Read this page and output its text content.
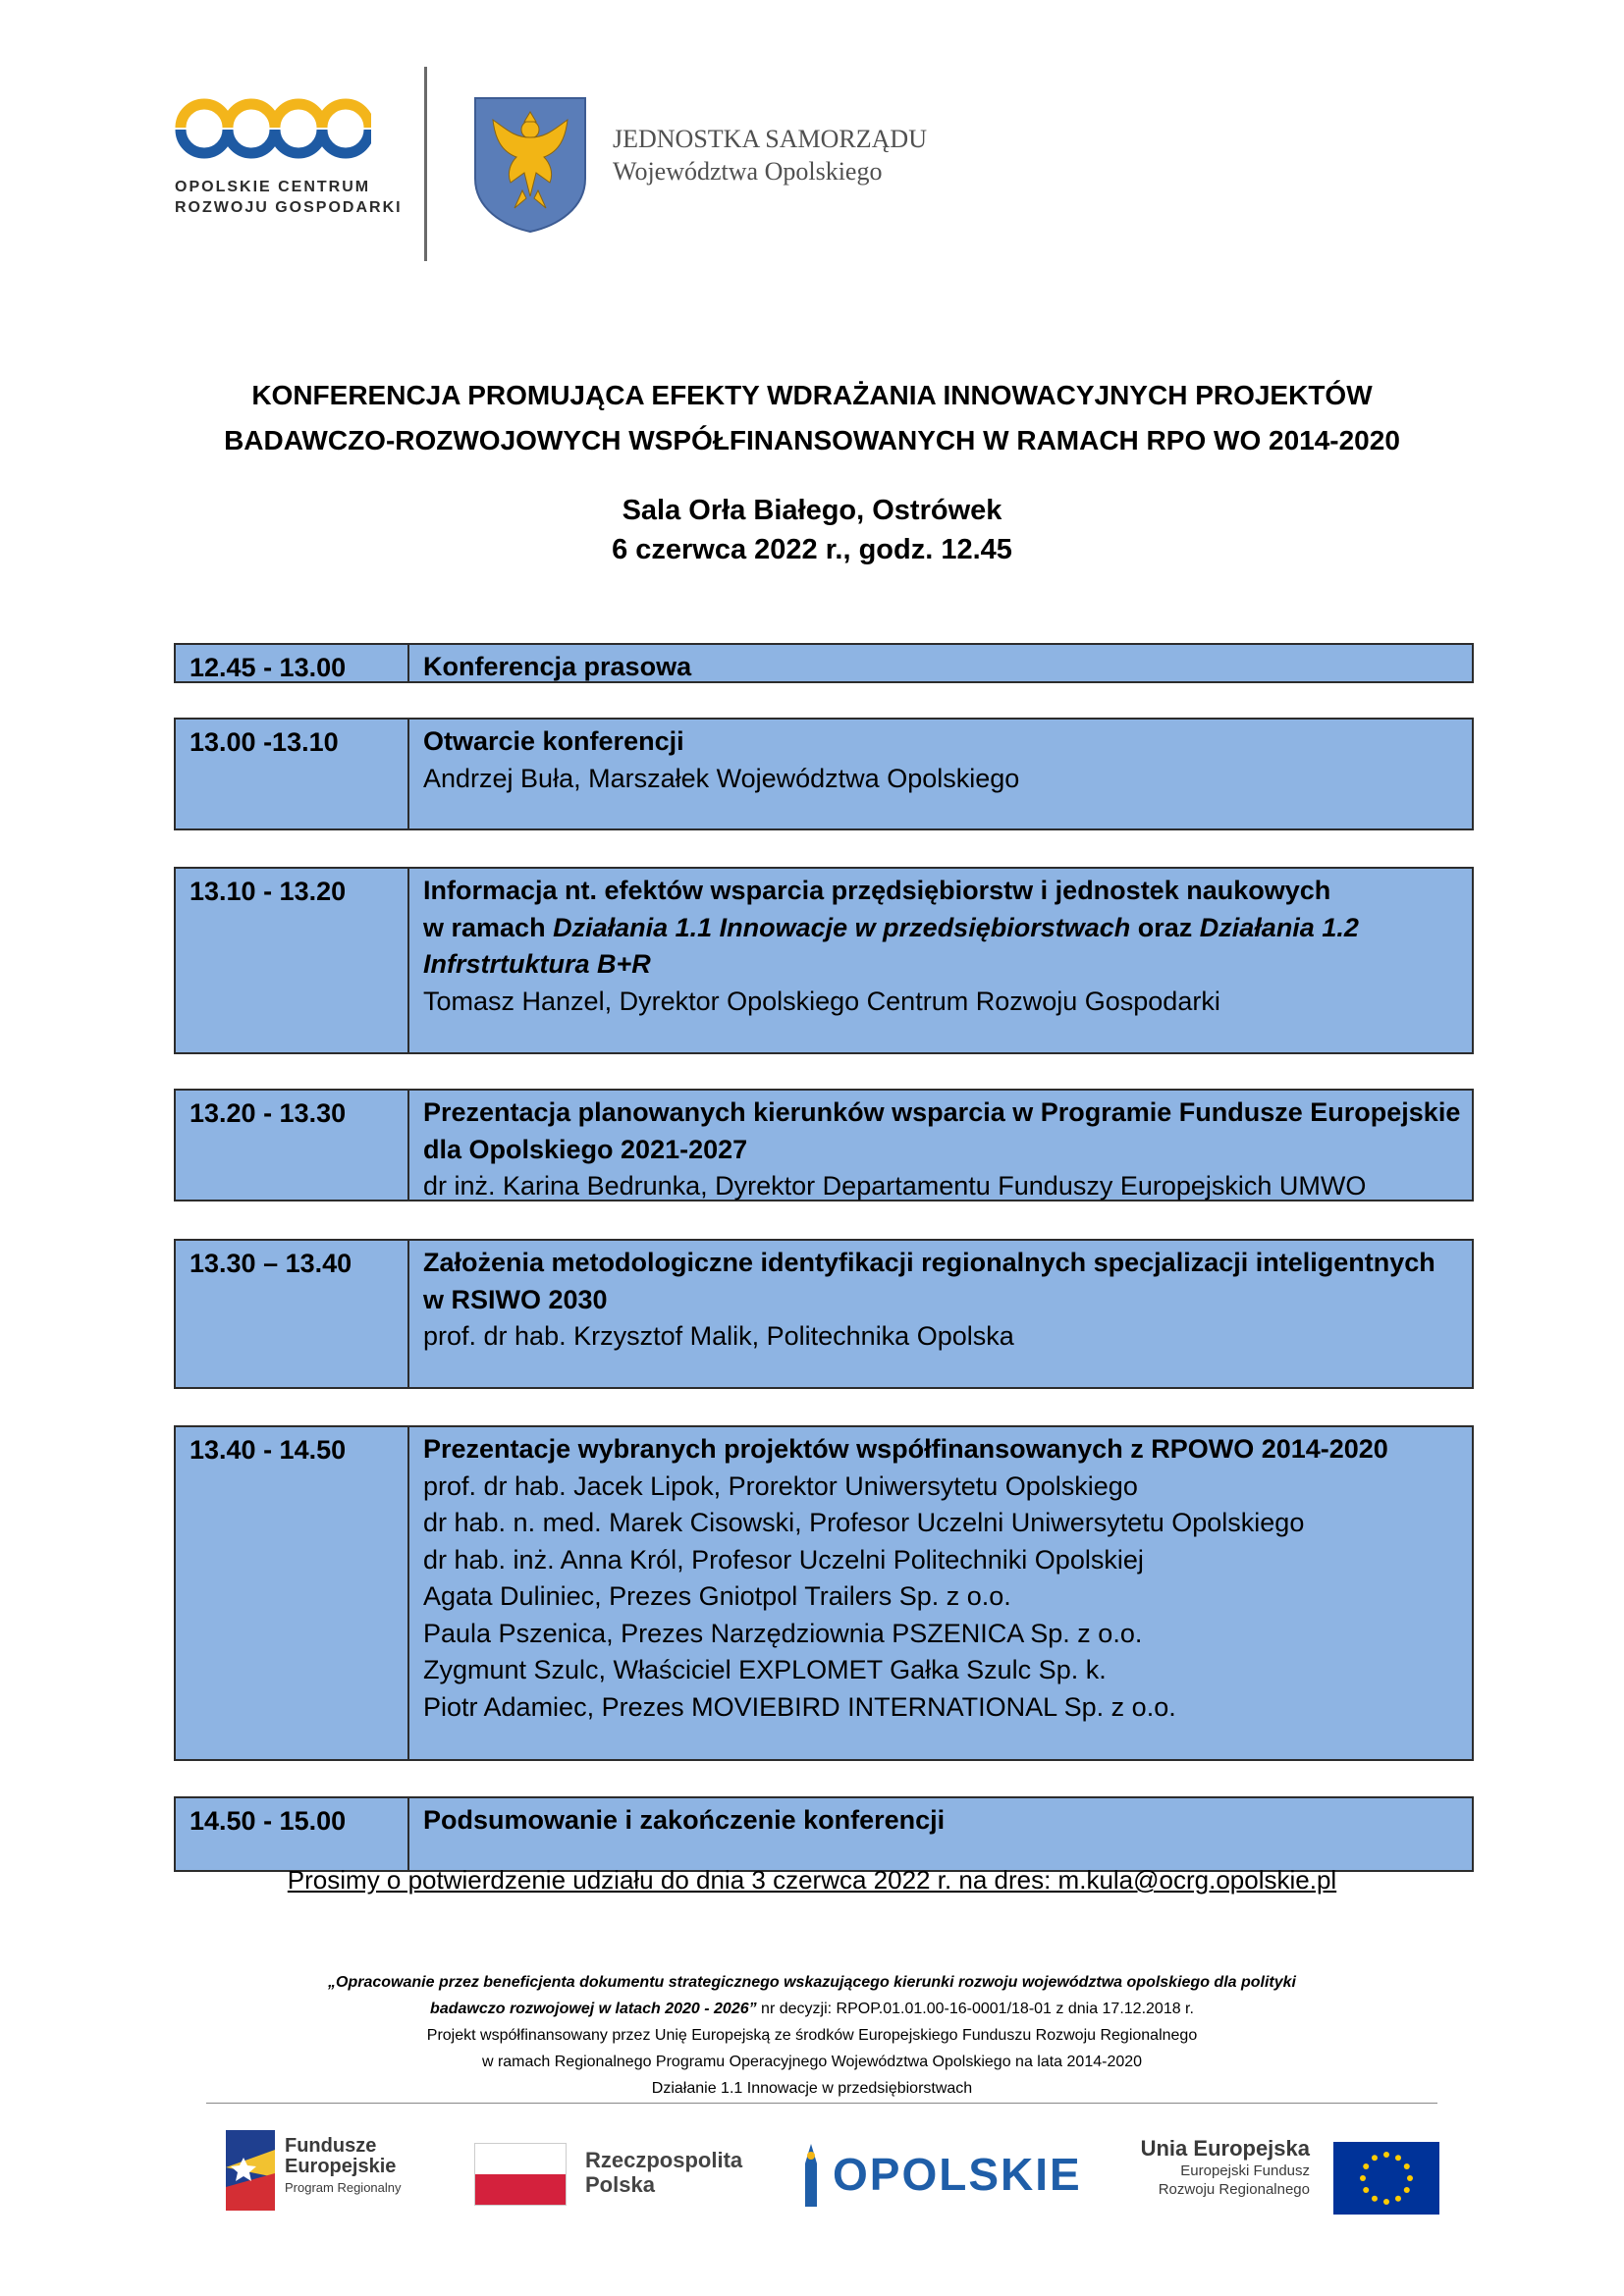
OPOLSKIE CENTRUM
ROZWOJU GOSPODARKI
JEDNOSTKA SAMORZĄDU
Województwa Opolskiego
KONFERENCJA PROMUJĄCA EFEKTY WDRAŻANIA INNOWACYJNYCH PROJEKTÓW
BADAWCZO-ROZWOJOWYCH WSPÓŁFINANSOWANYCH W RAMACH RPO WO 2014-2020
Sala Orła Białego, Ostrówek
6 czerwca 2022 r., godz. 12.45
12.45 - 13.00	Konferencja prasowa
13.00 -13.10	Otwarcie konferencji
Andrzej Buła, Marszałek Województwa Opolskiego
13.10 - 13.20	Informacja nt. efektów wsparcia przędsiębiorstw i jednostek naukowych
w ramach Działania 1.1 Innowacje w przedsiębiorstwach oraz Działania 1.2
Infrstrtuktura B+R
Tomasz Hanzel, Dyrektor Opolskiego Centrum Rozwoju Gospodarki
13.20 - 13.30	Prezentacja planowanych kierunków wsparcia w Programie Fundusze Europejskie
dla Opolskiego 2021-2027
dr inż. Karina Bedrunka, Dyrektor Departamentu Funduszy Europejskich UMWO
13.30 – 13.40	Założenia metodologiczne identyfikacji regionalnych specjalizacji inteligentnych
w RSIWO 2030
prof. dr hab. Krzysztof Malik, Politechnika Opolska
13.40 - 14.50	Prezentacje wybranych projektów współfinansowanych z RPOWO 2014-2020
prof. dr hab. Jacek Lipok, Prorektor Uniwersytetu Opolskiego
dr hab. n. med. Marek Cisowski, Profesor Uczelni Uniwersytetu Opolskiego
dr hab. inż. Anna Król, Profesor Uczelni Politechniki Opolskiej
Agata Duliniec, Prezes Gniotpol Trailers Sp. z o.o.
Paula Pszenica, Prezes Narzędziownia PSZENICA Sp. z o.o.
Zygmunt Szulc, Właściciel EXPLOMET Gałka Szulc Sp. k.
Piotr Adamiec, Prezes MOVIEBIRD INTERNATIONAL Sp. z o.o.
14.50 - 15.00	Podsumowanie i zakończenie konferencji
Prosimy o potwierdzenie udziału do dnia 3 czerwca 2022 r. na dres: m.kula@ocrg.opolskie.pl
„Opracowanie przez beneficjenta dokumentu strategicznego wskazującego kierunki rozwoju województwa opolskiego dla polityki
badawczo rozwojowej w latach 2020 - 2026” nr decyzji: RPOP.01.01.00-16-0001/18-01 z dnia 17.12.2018 r.
Projekt współfinansowany przez Unię Europejską ze środków Europejskiego Funduszu Rozwoju Regionalnego
w ramach Regionalnego Programu Operacyjnego Województwa Opolskiego na lata 2014-2020
Działanie 1.1 Innowacje w przedsiębiorstwach
Fundusze
Europejskie
Program Regionalny
Rzeczpospolita
Polska	OPOLSKIE
Unia Europejska
Europejski Fundusz
Rozwoju Regionalnego
